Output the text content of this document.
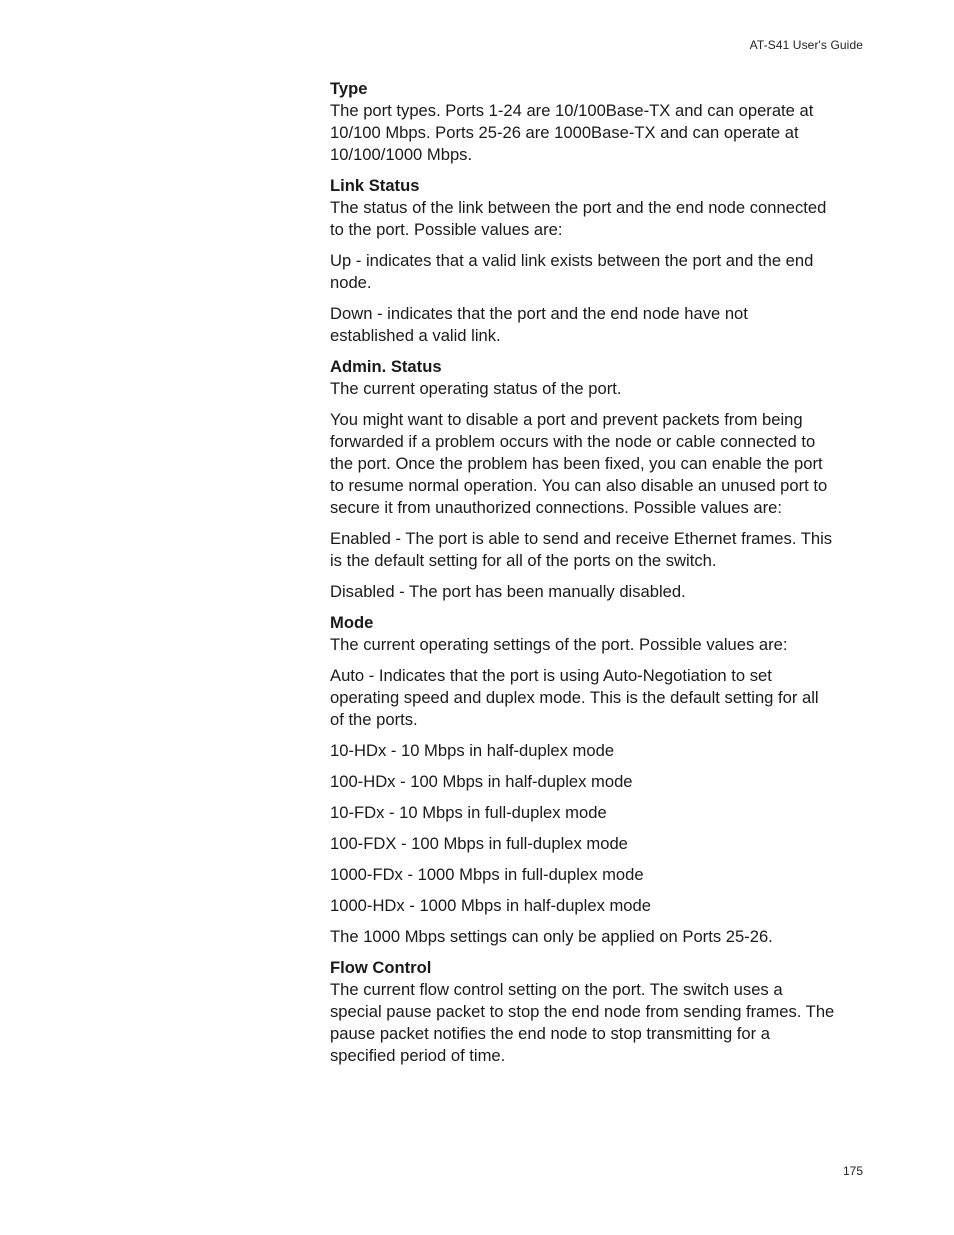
AT-S41 User's Guide
Type
The port types. Ports 1-24 are 10/100Base-TX and can operate at 10/100 Mbps. Ports 25-26 are 1000Base-TX and can operate at 10/100/1000 Mbps.
Link Status
The status of the link between the port and the end node connected to the port. Possible values are:
Up - indicates that a valid link exists between the port and the end node.
Down - indicates that the port and the end node have not established a valid link.
Admin. Status
The current operating status of the port.
You might want to disable a port and prevent packets from being forwarded if a problem occurs with the node or cable connected to the port. Once the problem has been fixed, you can enable the port to resume normal operation. You can also disable an unused port to secure it from unauthorized connections. Possible values are:
Enabled - The port is able to send and receive Ethernet frames. This is the default setting for all of the ports on the switch.
Disabled - The port has been manually disabled.
Mode
The current operating settings of the port. Possible values are:
Auto - Indicates that the port is using Auto-Negotiation to set operating speed and duplex mode. This is the default setting for all of the ports.
10-HDx - 10 Mbps in half-duplex mode
100-HDx - 100 Mbps in half-duplex mode
10-FDx - 10 Mbps in full-duplex mode
100-FDX - 100 Mbps in full-duplex mode
1000-FDx - 1000 Mbps in full-duplex mode
1000-HDx - 1000 Mbps in half-duplex mode
The 1000 Mbps settings can only be applied on Ports 25-26.
Flow Control
The current flow control setting on the port. The switch uses a special pause packet to stop the end node from sending frames. The pause packet notifies the end node to stop transmitting for a specified period of time.
175
